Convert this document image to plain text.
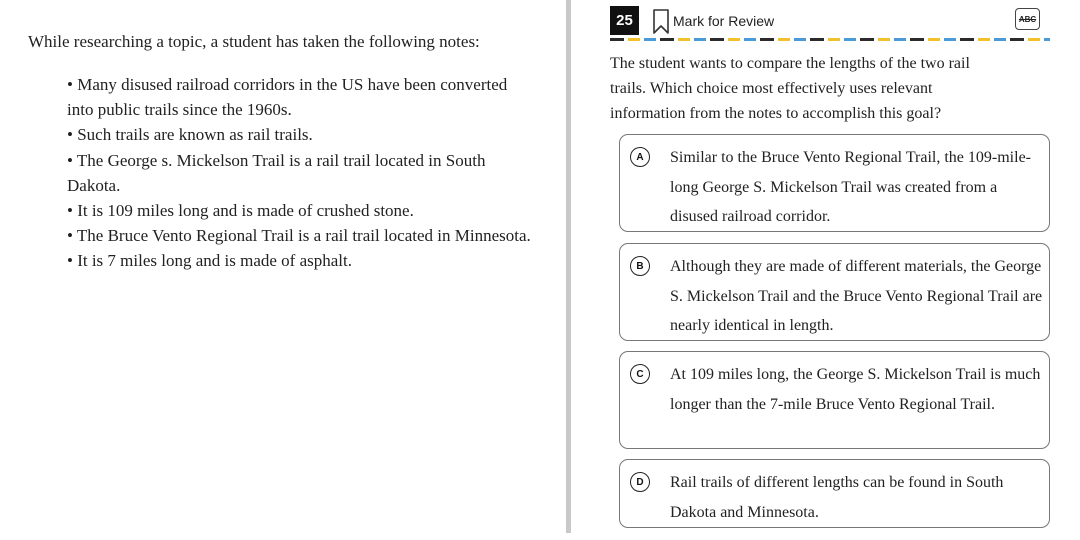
While researching a topic, a student has taken the following notes:
• Many disused railroad corridors in the US have been converted into public trails since the 1960s.
• Such trails are known as rail trails.
• The George s. Mickelson Trail is a rail trail located in South Dakota.
• It is 109 miles long and is made of crushed stone.
• The Bruce Vento Regional Trail is a rail trail located in Minnesota.
• It is 7 miles long and is made of asphalt.
25	Mark for Review	ABC
The student wants to compare the lengths of the two rail trails. Which choice most effectively uses relevant information from the notes to accomplish this goal?
A	Similar to the Bruce Vento Regional Trail, the 109-mile-long George S. Mickelson Trail was created from a disused railroad corridor.
B	Although they are made of different materials, the George S. Mickelson Trail and the Bruce Vento Regional Trail are nearly identical in length.
C	At 109 miles long, the George S. Mickelson Trail is much longer than the 7-mile Bruce Vento Regional Trail.
D	Rail trails of different lengths can be found in South Dakota and Minnesota.
